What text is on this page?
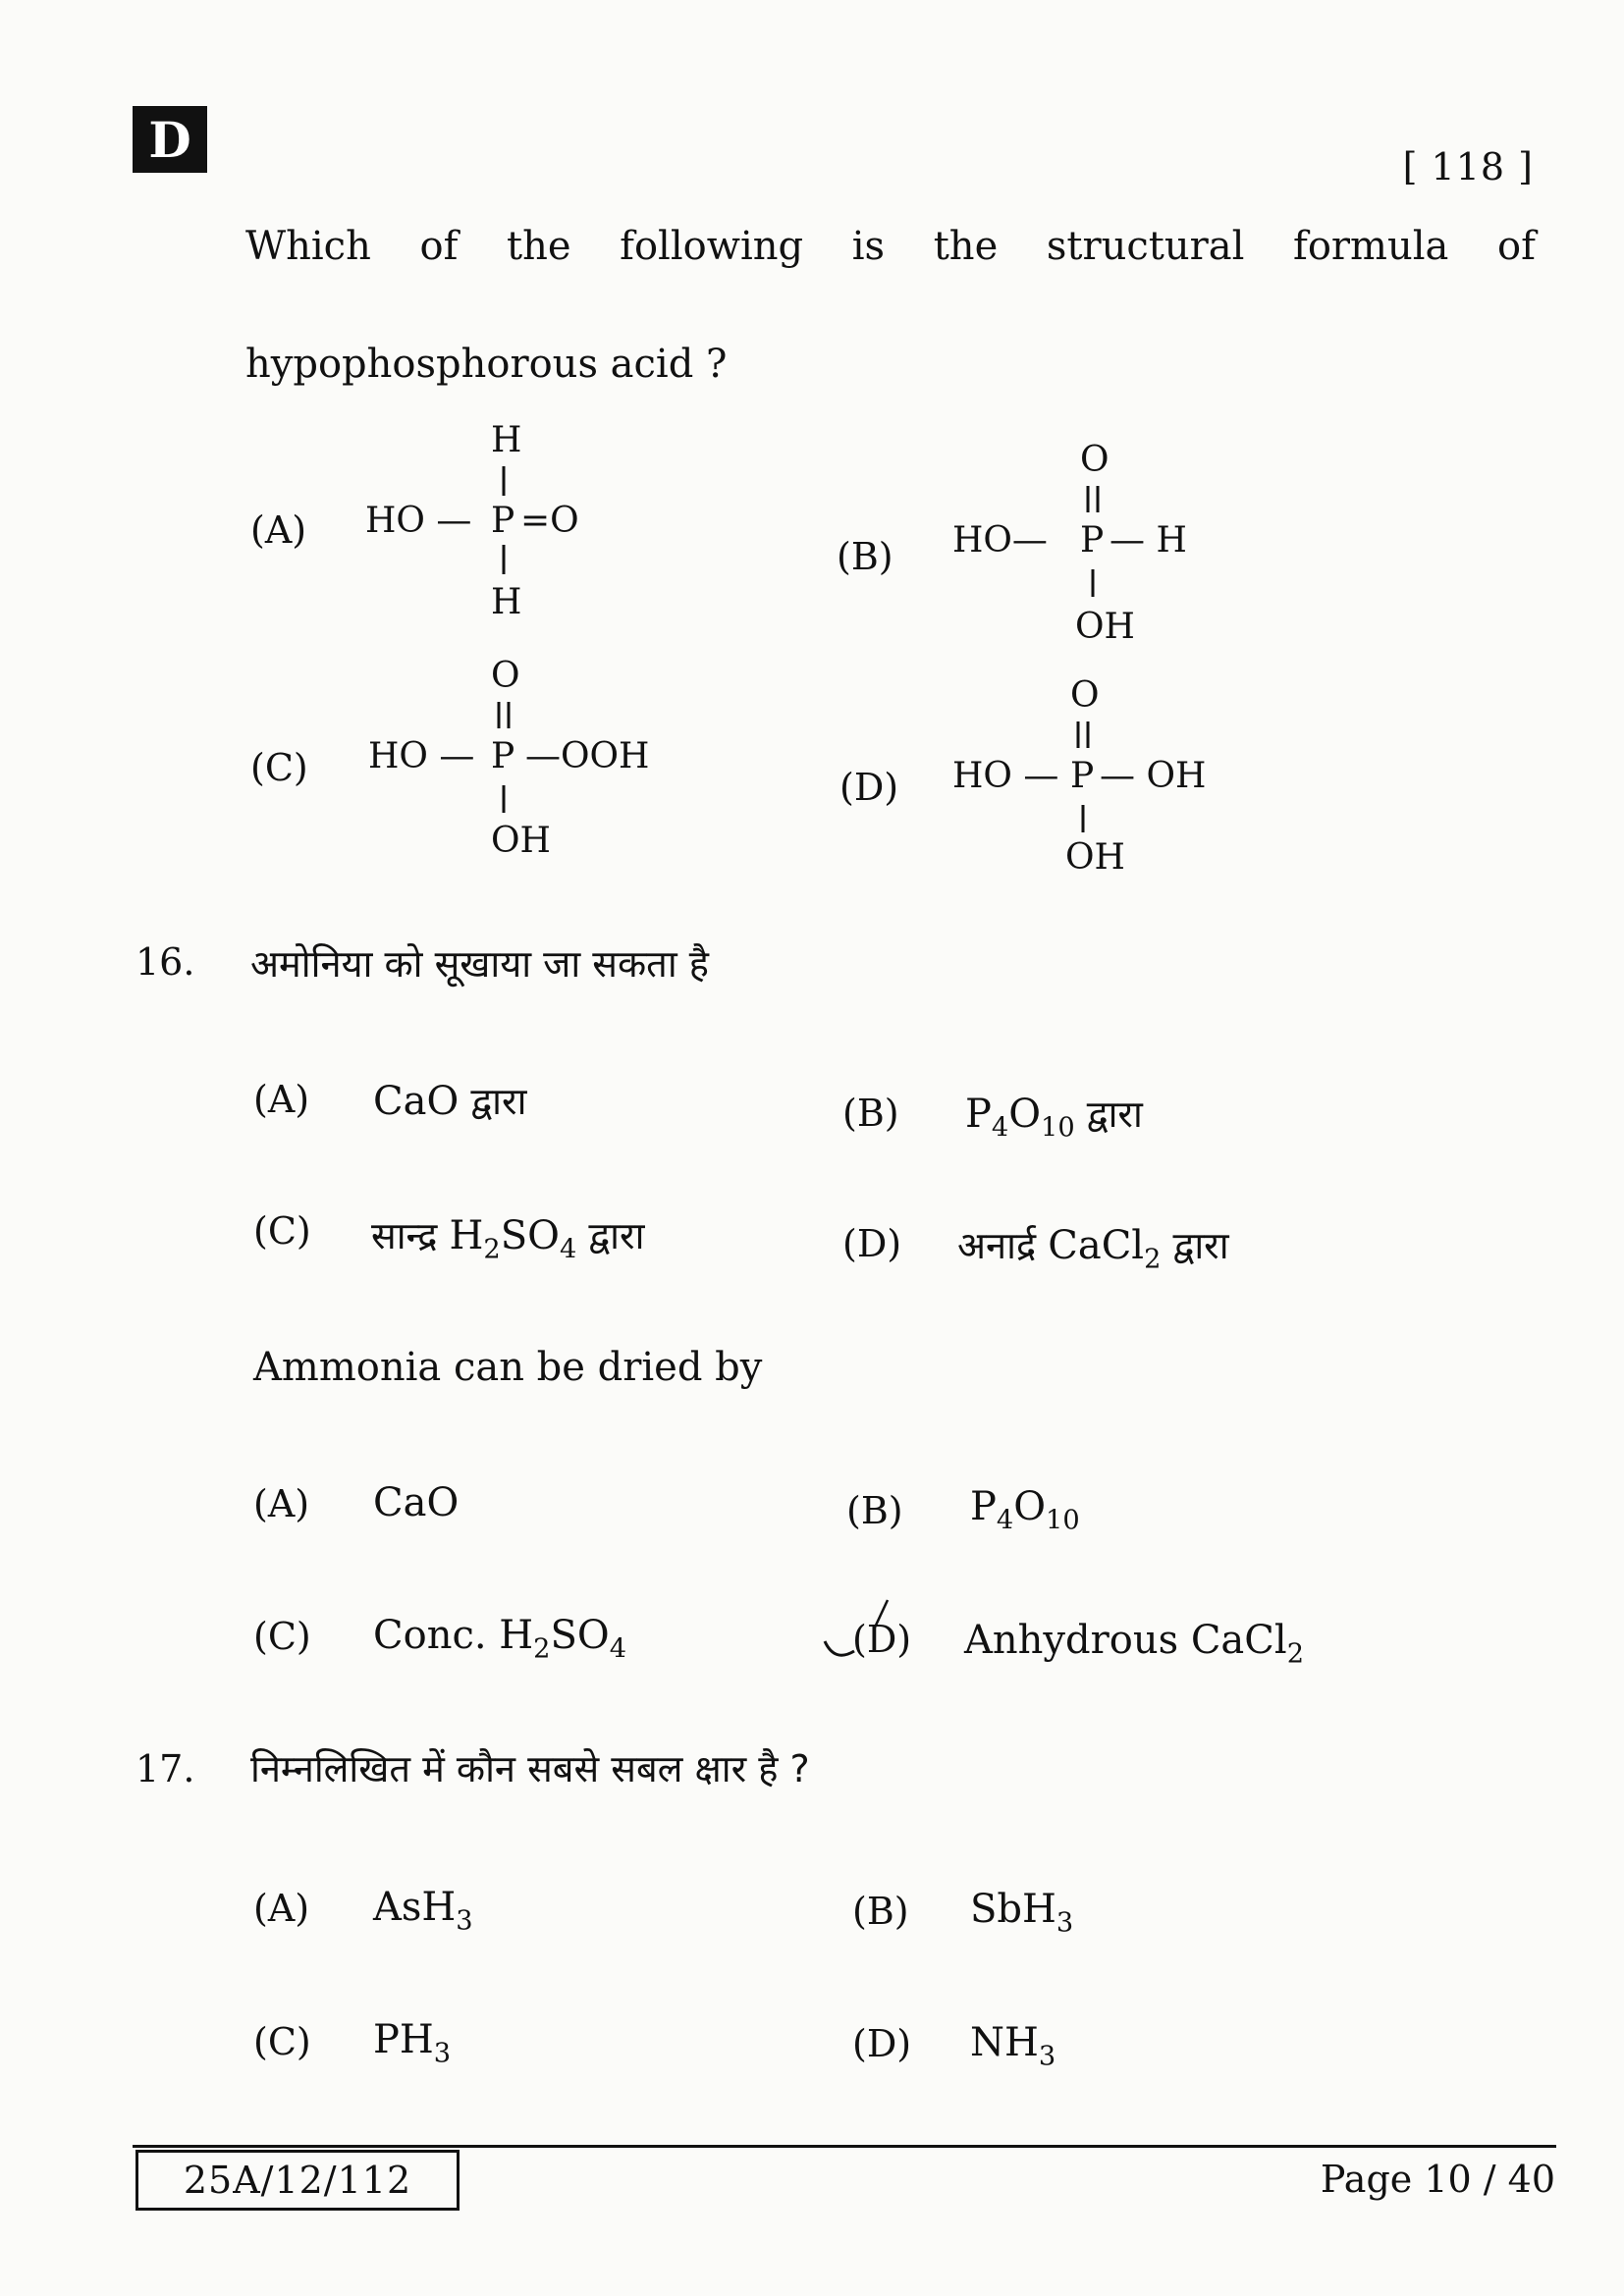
D	[ 118 ]
Which of the following is the structural formula of
hypophosphorous acid ?
(A)
(B)
(C)	(D)
H
HO — P =O
H
O
HO— P — H
OH
O
HO — P —OOH
OH
O
HO — P — OH
OH
16. अमोनिया को सूखाया जा सकता है
(A) CaO द्वारा	(B) $P_4O_{10}$ द्वारा
(C) सान्द्र $H_2SO_4$ द्वारा	(D) अनार्द्र CaCl$_2$ द्वारा
Ammonia can be dried by
(A) CaO	(B) $P_4O_{10}$
(C) Conc. $H_2SO_4$	(D) Anhydrous CaCl$_2$
17. निम्नलिखित में कौन सबसे सबल क्षार है ?
(A) AsH$_3$	(B) SbH$_3$
(C) $PH_3$	(D) $NH_3$
25A/12/112	Page 10 / 40
